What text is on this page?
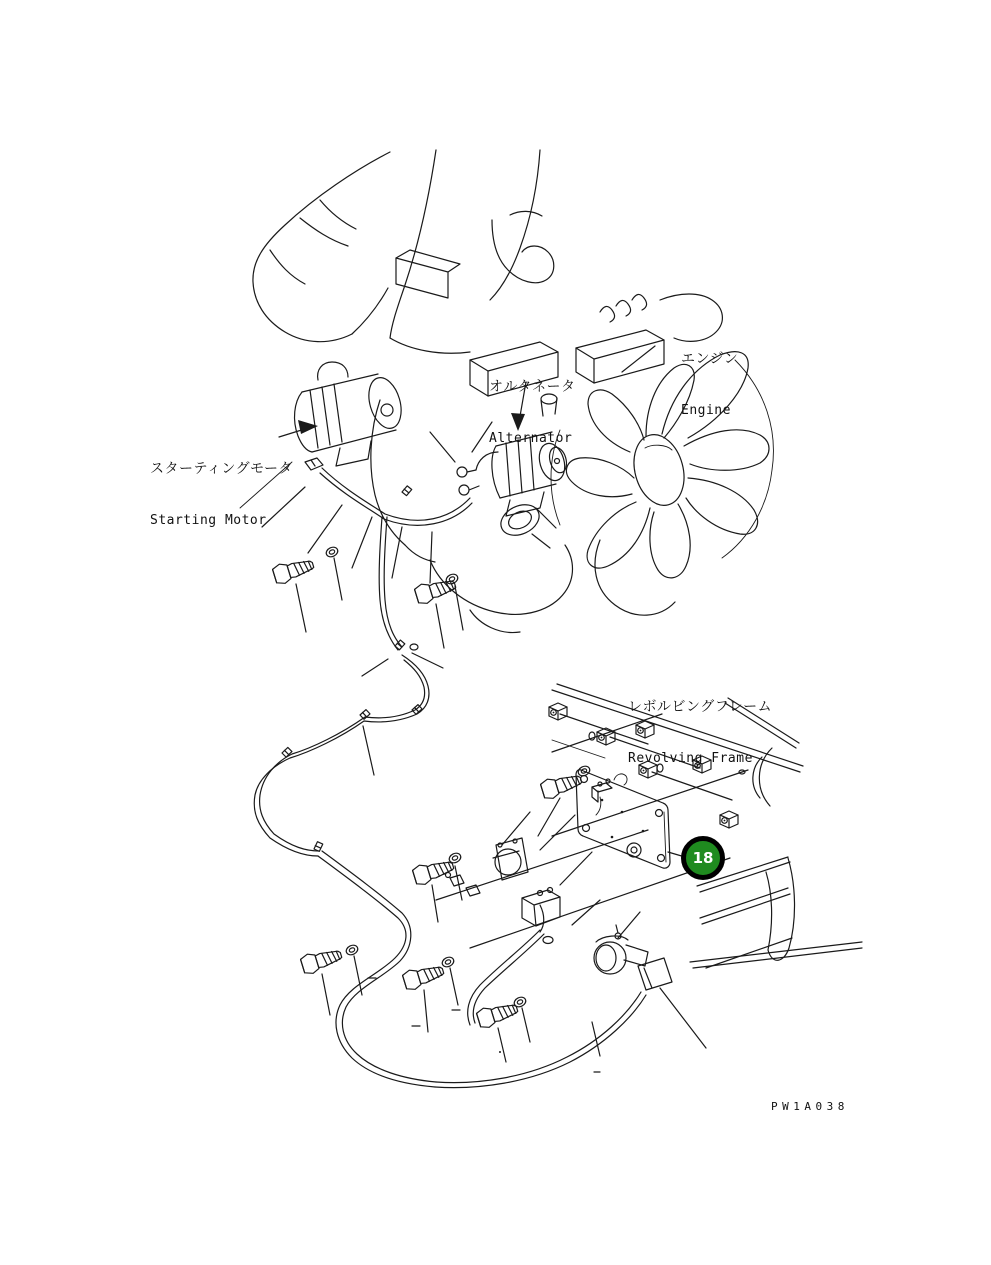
エンジン

Engine

オルタネータ

Alternator

スターティングモータ

Starting Motor

レボルビングフレーム

Revolving Frame

18
PW1A038
